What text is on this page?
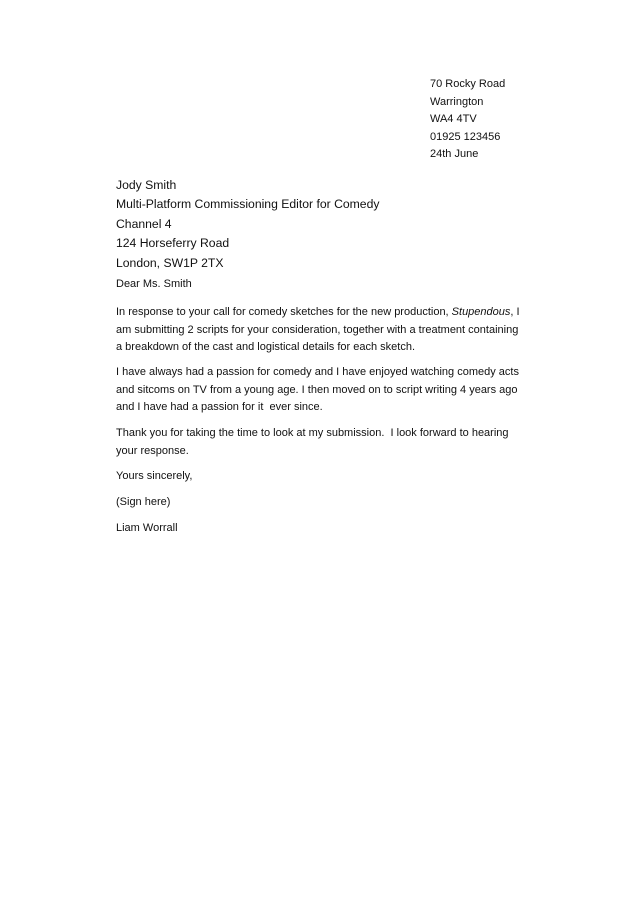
70 Rocky Road
Warrington
WA4 4TV
01925 123456
24th June
Jody Smith
Multi-Platform Commissioning Editor for Comedy
Channel 4
124 Horseferry Road
London, SW1P 2TX
Dear Ms. Smith
In response to your call for comedy sketches for the new production, Stupendous, I
am submitting 2 scripts for your consideration, together with a treatment containing
a breakdown of the cast and logistical details for each sketch.
I have always had a passion for comedy and I have enjoyed watching comedy acts
and sitcoms on TV from a young age. I then moved on to script writing 4 years ago
and I have had a passion for it  ever since.
Thank you for taking the time to look at my submission.  I look forward to hearing
your response.
Yours sincerely,
(Sign here)
Liam Worrall
